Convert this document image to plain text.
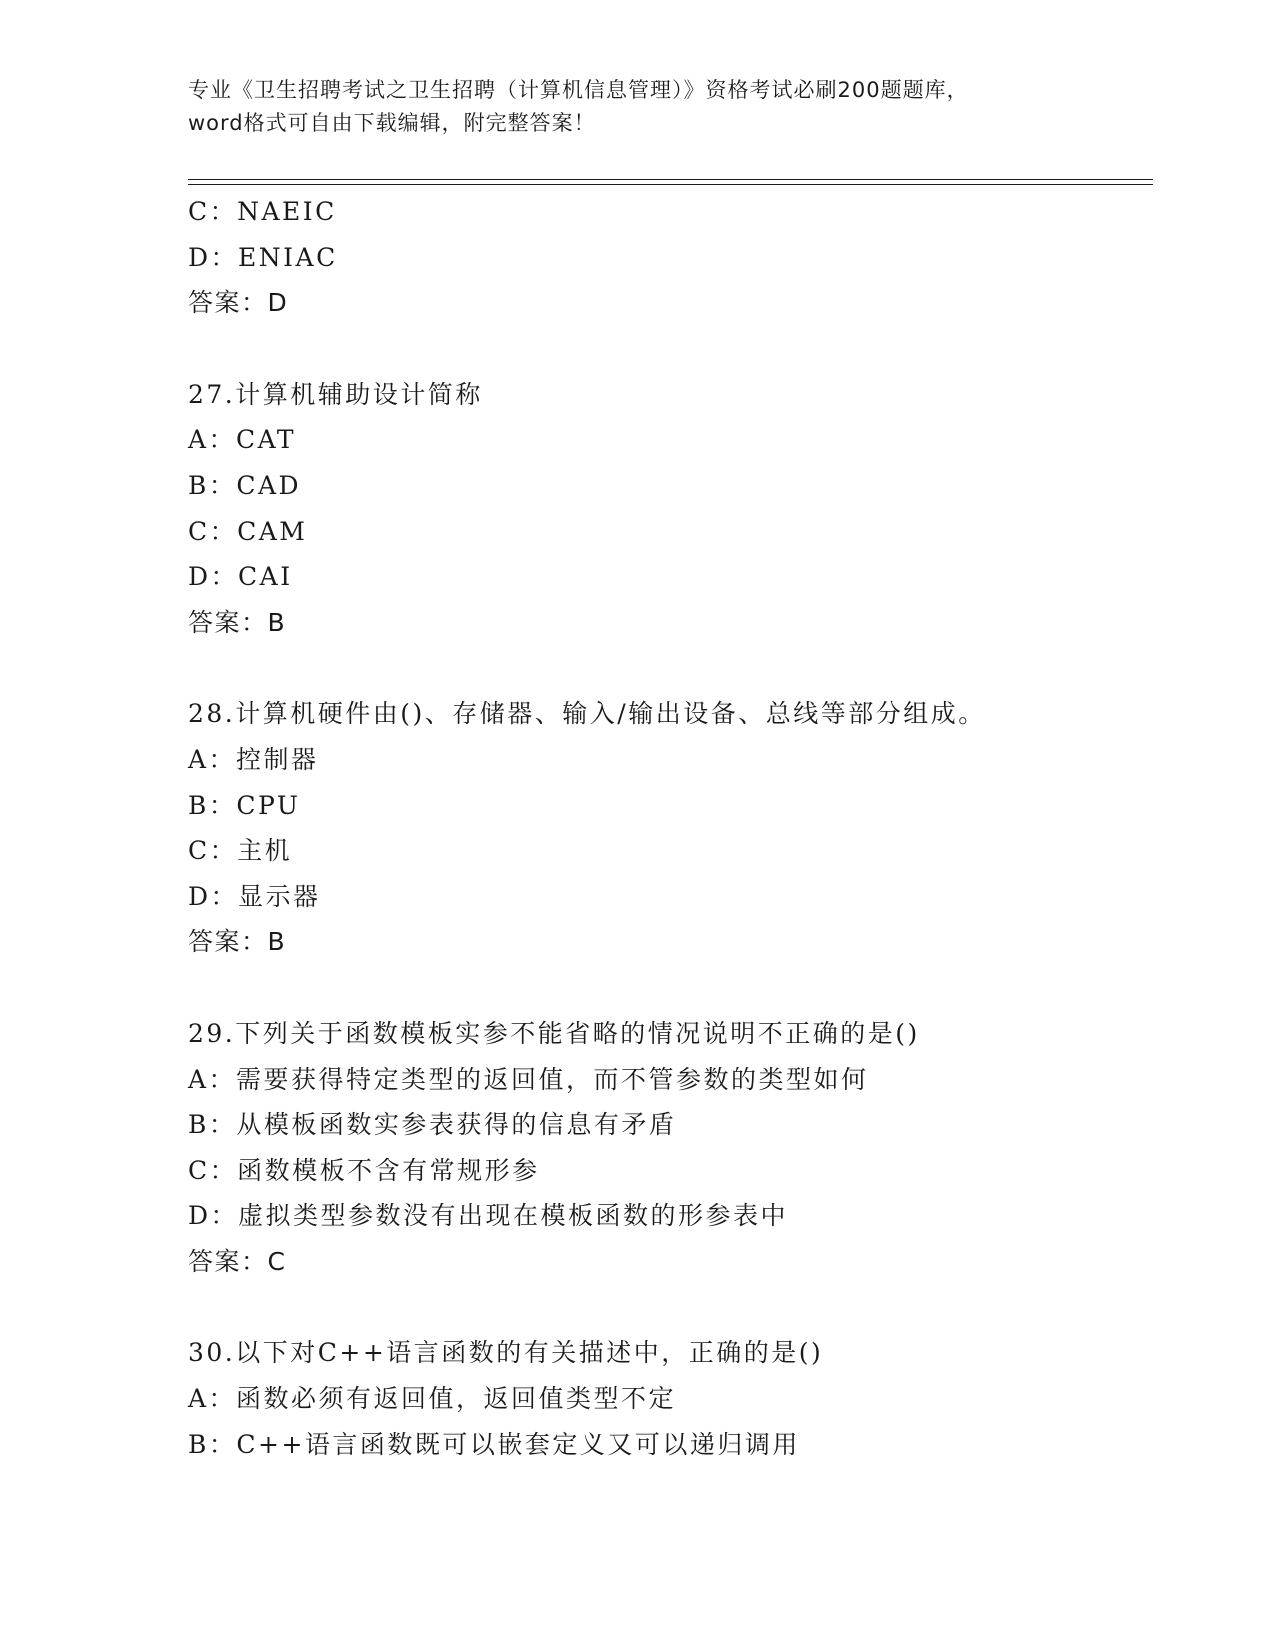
专业《卫生招聘考试之卫生招聘（计算机信息管理）》资格考试必刷200题题库，
word格式可自由下载编辑，附完整答案！
C：NAEIC
D：ENIAC
答案：D
27.计算机辅助设计简称
A：CAT
B：CAD
C：CAM
D：CAI
答案：B
28.计算机硬件由()、存储器、输入/输出设备、总线等部分组成。
A：控制器
B：CPU
C：主机
D：显示器
答案：B
29.下列关于函数模板实参不能省略的情况说明不正确的是()
A：需要获得特定类型的返回值，而不管参数的类型如何
B：从模板函数实参表获得的信息有矛盾
C：函数模板不含有常规形参
D：虚拟类型参数没有出现在模板函数的形参表中
答案：C
30.以下对C++语言函数的有关描述中，正确的是()
A：函数必须有返回值，返回值类型不定
B：C++语言函数既可以嵌套定义又可以递归调用
